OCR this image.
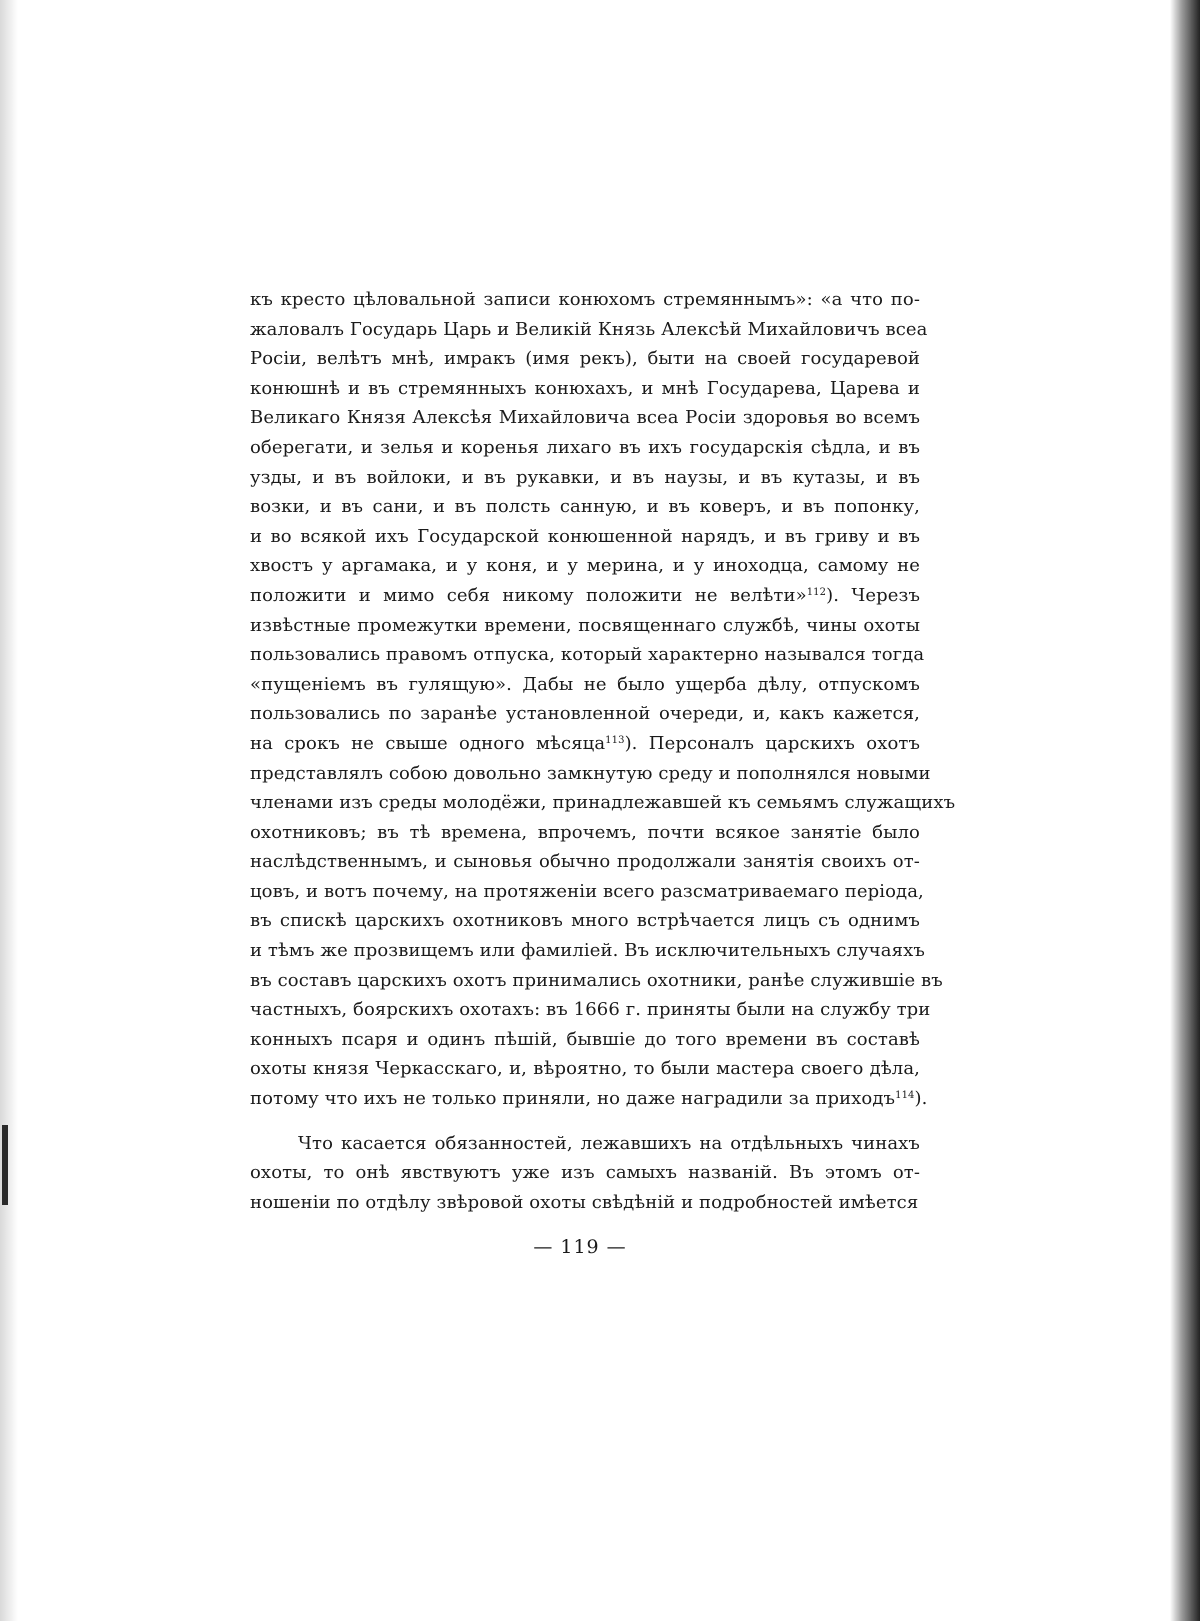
къ кресто цѣловальной записи конюхомъ стремяннымъ»: «а что по-
жаловалъ Государь Царь и Великій Князь Алексѣй Михайловичъ всеа
Росіи, велѣтъ мнѣ, имракъ (имя рекъ), быти на своей государевой
конюшнѣ и въ стремянныхъ конюхахъ, и мнѣ Государева, Царева и
Великаго Князя Алексѣя Михайловича всеа Росіи здоровья во всемъ
оберегати, и зелья и коренья лихаго въ ихъ государскія сѣдла, и въ
узды, и въ войлоки, и въ рукавки, и въ наузы, и въ кутазы, и въ
возки, и въ сани, и въ полсть санную, и въ коверъ, и въ попонку,
и во всякой ихъ Государской конюшенной нарядъ, и въ гриву и въ
хвостъ у аргамака, и у коня, и у мерина, и у иноходца, самому не
положити и мимо себя никому положити не велѣти»$^{112}$). Черезъ
извѣстные промежутки времени, посвященнаго службѣ, чины охоты
пользовались правомъ отпуска, который характерно назывался тогда
«пущеніемъ въ гулящую». Дабы не было ущерба дѣлу, отпускомъ
пользовались по заранѣе установленной очереди, и, какъ кажется,
на срокъ не свыше одного мѣсяца$^{113}$). Персоналъ царскихъ охотъ
представлялъ собою довольно замкнутую среду и пополнялся новыми
членами изъ среды молодёжи, принадлежавшей къ семьямъ служащихъ
охотниковъ; въ тѣ времена, впрочемъ, почти всякое занятіе было
наслѣдственнымъ, и сыновья обычно продолжали занятія своихъ от-
цовъ, и вотъ почему, на протяженіи всего разсматриваемаго періода,
въ спискѣ царскихъ охотниковъ много встрѣчается лицъ съ однимъ
и тѣмъ же прозвищемъ или фамиліей. Въ исключительныхъ случаяхъ
въ составъ царскихъ охотъ принимались охотники, ранѣе служившіе въ
частныхъ, боярскихъ охотахъ: въ 1666 г. приняты были на службу три
конныхъ псаря и одинъ пѣшій, бывшіе до того времени въ составѣ
охоты князя Черкасскаго, и, вѣроятно, то были мастера своего дѣла,
потому что ихъ не только приняли, но даже наградили за приходъ$^{114}$).
Что касается обязанностей, лежавшихъ на отдѣльныхъ чинахъ
охоты, то онѣ явствуютъ уже изъ самыхъ названій. Въ этомъ от-
ношеніи по отдѣлу звѣровой охоты свѣдѣній и подробностей имѣется
— 119 —
